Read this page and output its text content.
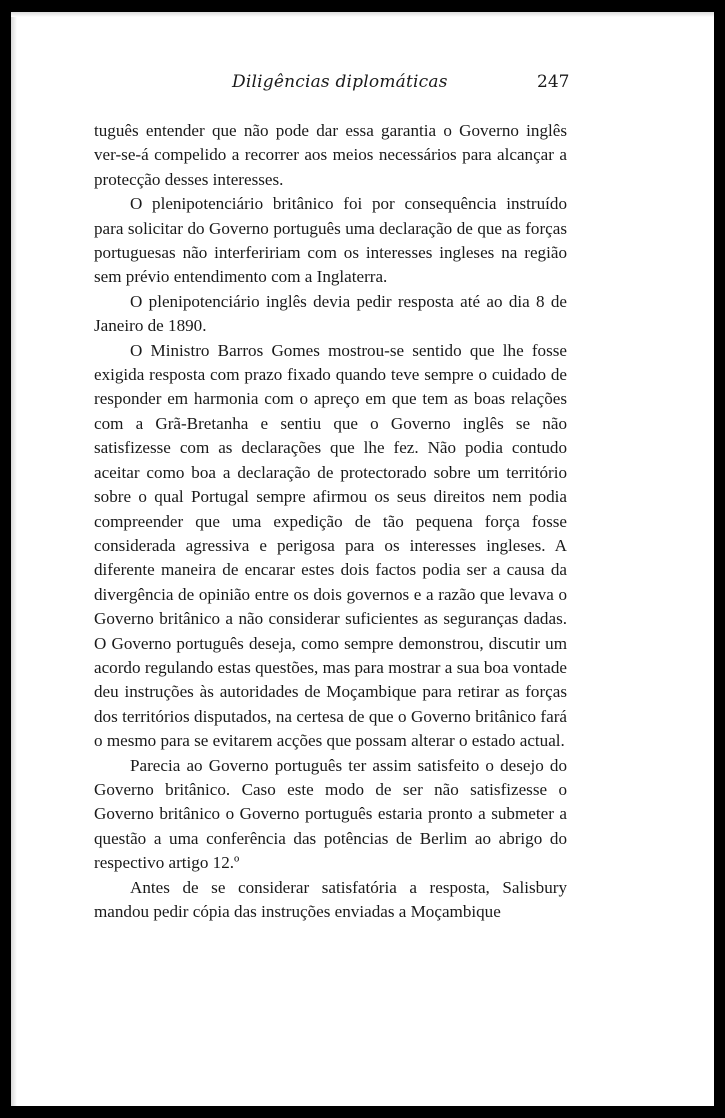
Diligências diplomáticas	247

tuguês entender que não pode dar essa garantia o Governo inglês ver-se-á compelido a recorrer aos meios necessários para alcançar a protecção desses interesses.

O plenipotenciário britânico foi por consequência instruído para solicitar do Governo português uma declaração de que as forças portuguesas não interfeririam com os interesses ingleses na região sem prévio entendimento com a Inglaterra.

O plenipotenciário inglês devia pedir resposta até ao dia 8 de Janeiro de 1890.

O Ministro Barros Gomes mostrou-se sentido que lhe fosse exigida resposta com prazo fixado quando teve sempre o cuidado de responder em harmonia com o apreço em que tem as boas relações com a Grã-Bretanha e sentiu que o Governo inglês se não satisfizesse com as declarações que lhe fez. Não podia contudo aceitar como boa a declaração de protectorado sobre um território sobre o qual Portugal sempre afirmou os seus direitos nem podia compreender que uma expedição de tão pequena força fosse considerada agressiva e perigosa para os interesses ingleses. A diferente maneira de encarar estes dois factos podia ser a causa da divergência de opinião entre os dois governos e a razão que levava o Governo britânico a não considerar suficientes as seguranças dadas. O Governo português deseja, como sempre demonstrou, discutir um acordo regulando estas questões, mas para mostrar a sua boa vontade deu instruções às autoridades de Moçambique para retirar as forças dos territórios disputados, na certesa de que o Governo britânico fará o mesmo para se evitarem acções que possam alterar o estado actual.

Parecia ao Governo português ter assim satisfeito o desejo do Governo britânico. Caso este modo de ser não satisfizesse o Governo britânico o Governo português estaria pronto a submeter a questão a uma conferência das potências de Berlim ao abrigo do respectivo artigo 12.º

Antes de se considerar satisfatória a resposta, Salisbury mandou pedir cópia das instruções enviadas a Moçambique
